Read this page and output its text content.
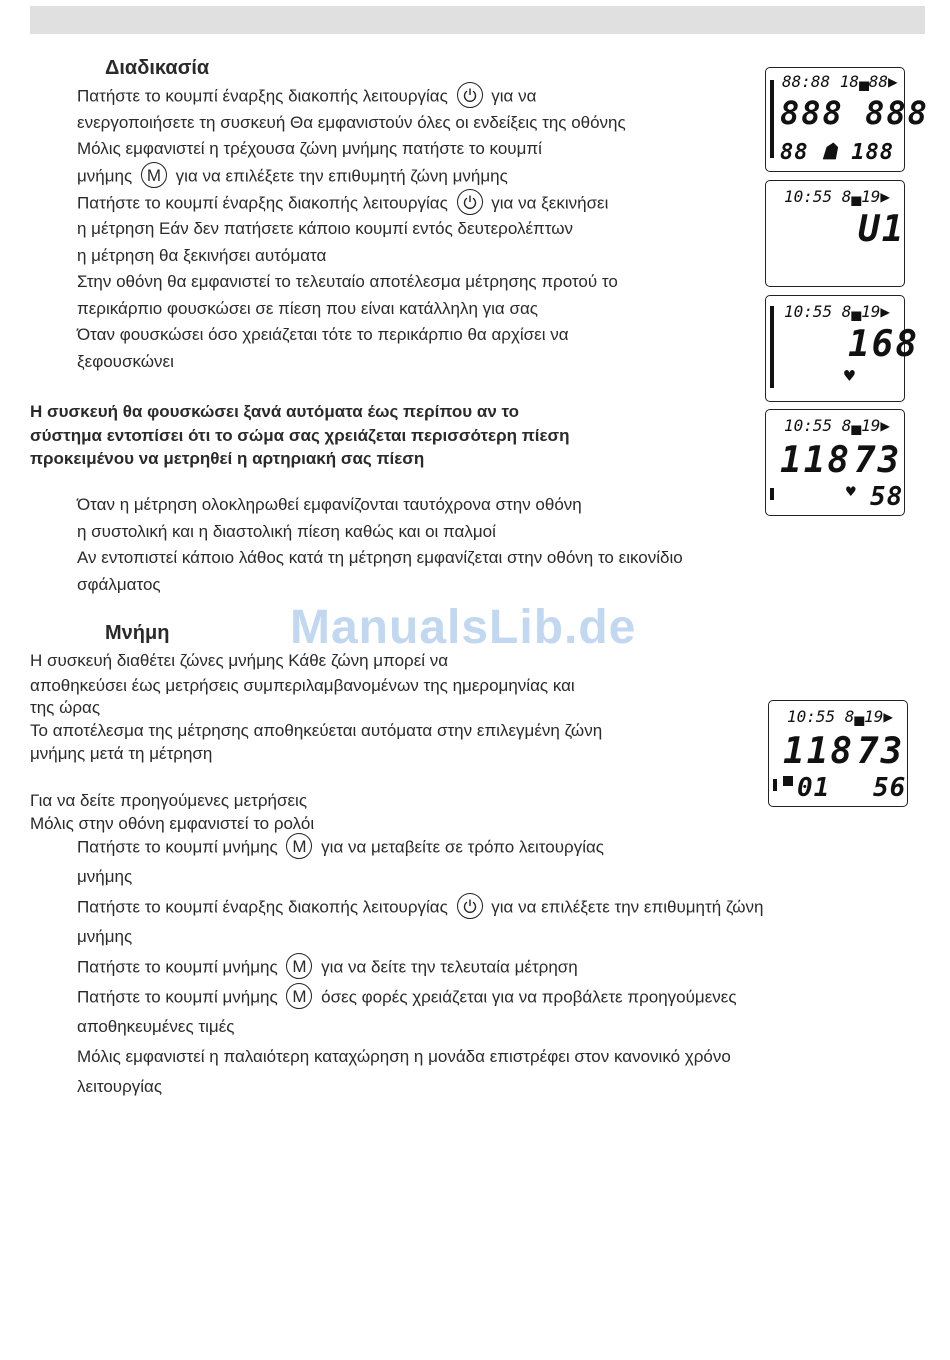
Διαδικασία
Πατήστε το κουμπί έναρξης διακοπής λειτουργίας	για να
ενεργοποιήσετε τη συσκευή Θα εμφανιστούν όλες οι ενδείξεις της οθόνης
Μόλις εμφανιστεί η τρέχουσα ζώνη μνήμης πατήστε το κουμπί
μνήμης M για να επιλέξετε την επιθυμητή ζώνη μνήμης
Πατήστε το κουμπί έναρξης διακοπής λειτουργίας	για να ξεκινήσει
η μέτρηση Εάν δεν πατήσετε κάποιο κουμπί εντός δευτερολέπτων
η μέτρηση θα ξεκινήσει αυτόματα
Στην οθόνη θα εμφανιστεί το τελευταίο αποτέλεσμα μέτρησης προτού το
περικάρπιο φουσκώσει σε πίεση που είναι κατάλληλη για σας
Όταν φουσκώσει όσο χρειάζεται τότε το περικάρπιο θα αρχίσει να
ξεφουσκώνει
Η συσκευή θα φουσκώσει ξανά αυτόματα έως περίπου αν το
σύστημα εντοπίσει ότι το σώμα σας χρειάζεται περισσότερη πίεση
προκειμένου να μετρηθεί η αρτηριακή σας πίεση
Όταν η μέτρηση ολοκληρωθεί εμφανίζονται ταυτόχρονα στην οθόνη
η συστολική και η διαστολική πίεση καθώς και οι παλμοί
Αν εντοπιστεί κάποιο λάθος κατά τη μέτρηση εμφανίζεται στην οθόνη το εικονίδιο
σφάλματος
ManualsLib.de
Μνήμη
Η συσκευή διαθέτει ζώνες μνήμης Κάθε ζώνη μπορεί να
αποθηκεύσει έως μετρήσεις συμπεριλαμβανομένων της ημερομηνίας και
της ώρας
Το αποτέλεσμα της μέτρησης αποθηκεύεται αυτόματα στην επιλεγμένη ζώνη
μνήμης μετά τη μέτρηση
Για να δείτε προηγούμενες μετρήσεις
Μόλις στην οθόνη εμφανιστεί το ρολόι
Πατήστε το κουμπί μνήμης M για να μεταβείτε σε τρόπο λειτουργίας
μνήμης
Πατήστε το κουμπί έναρξης διακοπής λειτουργίας	για να επιλέξετε την επιθυμητή ζώνη
μνήμης
Πατήστε το κουμπί μνήμης M για να δείτε την τελευταία μέτρηση
Πατήστε το κουμπί μνήμης M όσες φορές χρειάζεται για να προβάλετε προηγούμενες
αποθηκευμένες τιμές
Μόλις εμφανιστεί η παλαιότερη καταχώρηση η μονάδα επιστρέφει στον κανονικό χρόνο
λειτουργίας
88:88 18▄88▶
888 888
88 ☗ 188
10:55 8▄19▶
U1
10:55 8▄19▶
168
♥
10:55 8▄19▶
118 73
♥ 58
10:55 8▄19▶
118 73
01 56
